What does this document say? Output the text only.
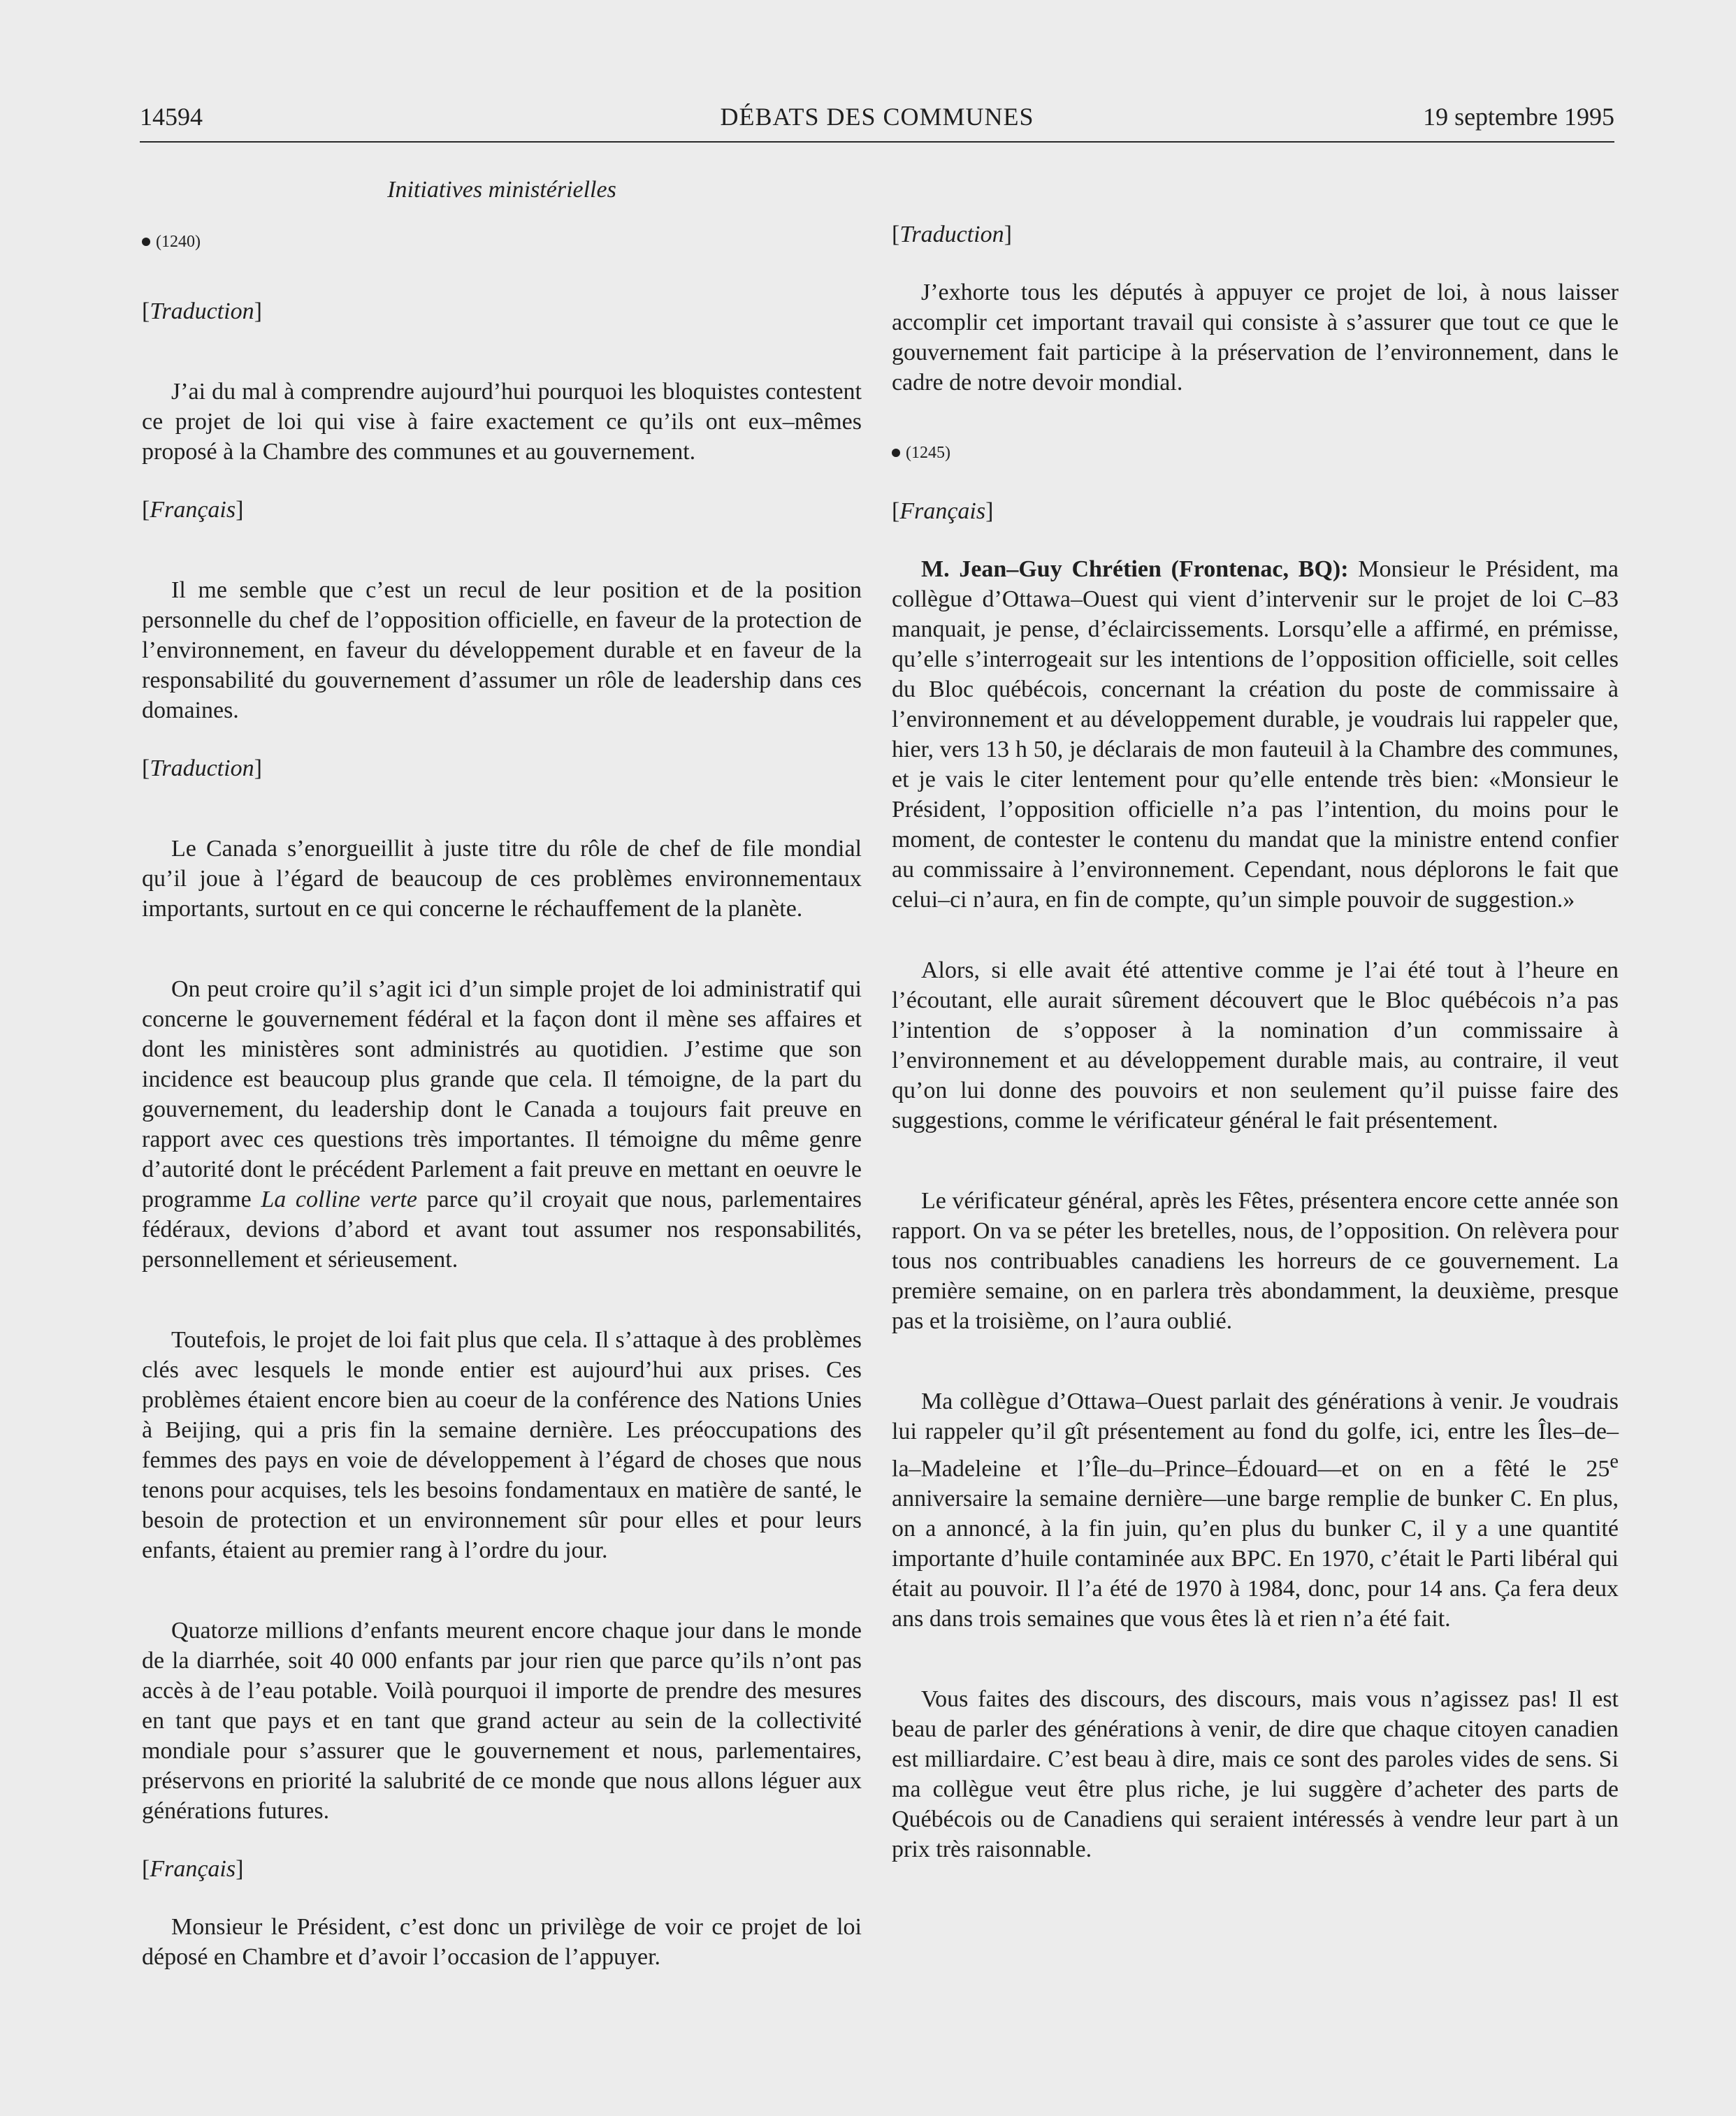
14594	DÉBATS DES COMMUNES	19 septembre 1995
Initiatives ministérielles
(1240)
[Traduction]

J’ai du mal à comprendre aujourd’hui pourquoi les bloquistes contestent ce projet de loi qui vise à faire exactement ce qu’ils ont eux–mêmes proposé à la Chambre des communes et au gouvernement.

[Français]

Il me semble que c’est un recul de leur position et de la position personnelle du chef de l’opposition officielle, en faveur de la protection de l’environnement, en faveur du développement durable et en faveur de la responsabilité du gouvernement d’assumer un rôle de leadership dans ces domaines.

[Traduction]

Le Canada s’enorgueillit à juste titre du rôle de chef de file mondial qu’il joue à l’égard de beaucoup de ces problèmes environnementaux importants, surtout en ce qui concerne le réchauffement de la planète.

On peut croire qu’il s’agit ici d’un simple projet de loi administratif qui concerne le gouvernement fédéral et la façon dont il mène ses affaires et dont les ministères sont administrés au quotidien. J’estime que son incidence est beaucoup plus grande que cela. Il témoigne, de la part du gouvernement, du leadership dont le Canada a toujours fait preuve en rapport avec ces questions très importantes. Il témoigne du même genre d’autorité dont le précédent Parlement a fait preuve en mettant en oeuvre le programme La colline verte parce qu’il croyait que nous, parlementaires fédéraux, devions d’abord et avant tout assumer nos responsabilités, personnellement et sérieusement.

Toutefois, le projet de loi fait plus que cela. Il s’attaque à des problèmes clés avec lesquels le monde entier est aujourd’hui aux prises. Ces problèmes étaient encore bien au coeur de la conférence des Nations Unies à Beijing, qui a pris fin la semaine dernière. Les préoccupations des femmes des pays en voie de développement à l’égard de choses que nous tenons pour acquises, tels les besoins fondamentaux en matière de santé, le besoin de protection et un environnement sûr pour elles et pour leurs enfants, étaient au premier rang à l’ordre du jour.

Quatorze millions d’enfants meurent encore chaque jour dans le monde de la diarrhée, soit 40 000 enfants par jour rien que parce qu’ils n’ont pas accès à de l’eau potable. Voilà pourquoi il importe de prendre des mesures en tant que pays et en tant que grand acteur au sein de la collectivité mondiale pour s’assurer que le gouvernement et nous, parlementaires, préservons en priorité la salubrité de ce monde que nous allons léguer aux générations futures.

[Français]

Monsieur le Président, c’est donc un privilège de voir ce projet de loi déposé en Chambre et d’avoir l’occasion de l’appuyer.

[Traduction]

J’exhorte tous les députés à appuyer ce projet de loi, à nous laisser accomplir cet important travail qui consiste à s’assurer que tout ce que le gouvernement fait participe à la préservation de l’environnement, dans le cadre de notre devoir mondial.

(1245)
[Français]

M. Jean–Guy Chrétien (Frontenac, BQ): Monsieur le Président, ma collègue d’Ottawa–Ouest qui vient d’intervenir sur le projet de loi C–83 manquait, je pense, d’éclaircissements. Lorsqu’elle a affirmé, en prémisse, qu’elle s’interrogeait sur les intentions de l’opposition officielle, soit celles du Bloc québécois, concernant la création du poste de commissaire à l’environnement et au développement durable, je voudrais lui rappeler que, hier, vers 13 h 50, je déclarais de mon fauteuil à la Chambre des communes, et je vais le citer lentement pour qu’elle entende très bien: «Monsieur le Président, l’opposition officielle n’a pas l’intention, du moins pour le moment, de contester le contenu du mandat que la ministre entend confier au commissaire à l’environnement. Cependant, nous déplorons le fait que celui–ci n’aura, en fin de compte, qu’un simple pouvoir de suggestion.»

Alors, si elle avait été attentive comme je l’ai été tout à l’heure en l’écoutant, elle aurait sûrement découvert que le Bloc québécois n’a pas l’intention de s’opposer à la nomination d’un commissaire à l’environnement et au développement durable mais, au contraire, il veut qu’on lui donne des pouvoirs et non seulement qu’il puisse faire des suggestions, comme le vérificateur général le fait présentement.

Le vérificateur général, après les Fêtes, présentera encore cette année son rapport. On va se péter les bretelles, nous, de l’opposition. On relèvera pour tous nos contribuables canadiens les horreurs de ce gouvernement. La première semaine, on en parlera très abondamment, la deuxième, presque pas et la troisième, on l’aura oublié.

Ma collègue d’Ottawa–Ouest parlait des générations à venir. Je voudrais lui rappeler qu’il gît présentement au fond du golfe, ici, entre les Îles–de–la–Madeleine et l’Île–du–Prince–Édouard—et on en a fêté le 25e anniversaire la semaine dernière—une barge remplie de bunker C. En plus, on a annoncé, à la fin juin, qu’en plus du bunker C, il y a une quantité importante d’huile contaminée aux BPC. En 1970, c’était le Parti libéral qui était au pouvoir. Il l’a été de 1970 à 1984, donc, pour 14 ans. Ça fera deux ans dans trois semaines que vous êtes là et rien n’a été fait.

Vous faites des discours, des discours, mais vous n’agissez pas! Il est beau de parler des générations à venir, de dire que chaque citoyen canadien est milliardaire. C’est beau à dire, mais ce sont des paroles vides de sens. Si ma collègue veut être plus riche, je lui suggère d’acheter des parts de Québécois ou de Canadiens qui seraient intéressés à vendre leur part à un prix très raisonnable.
